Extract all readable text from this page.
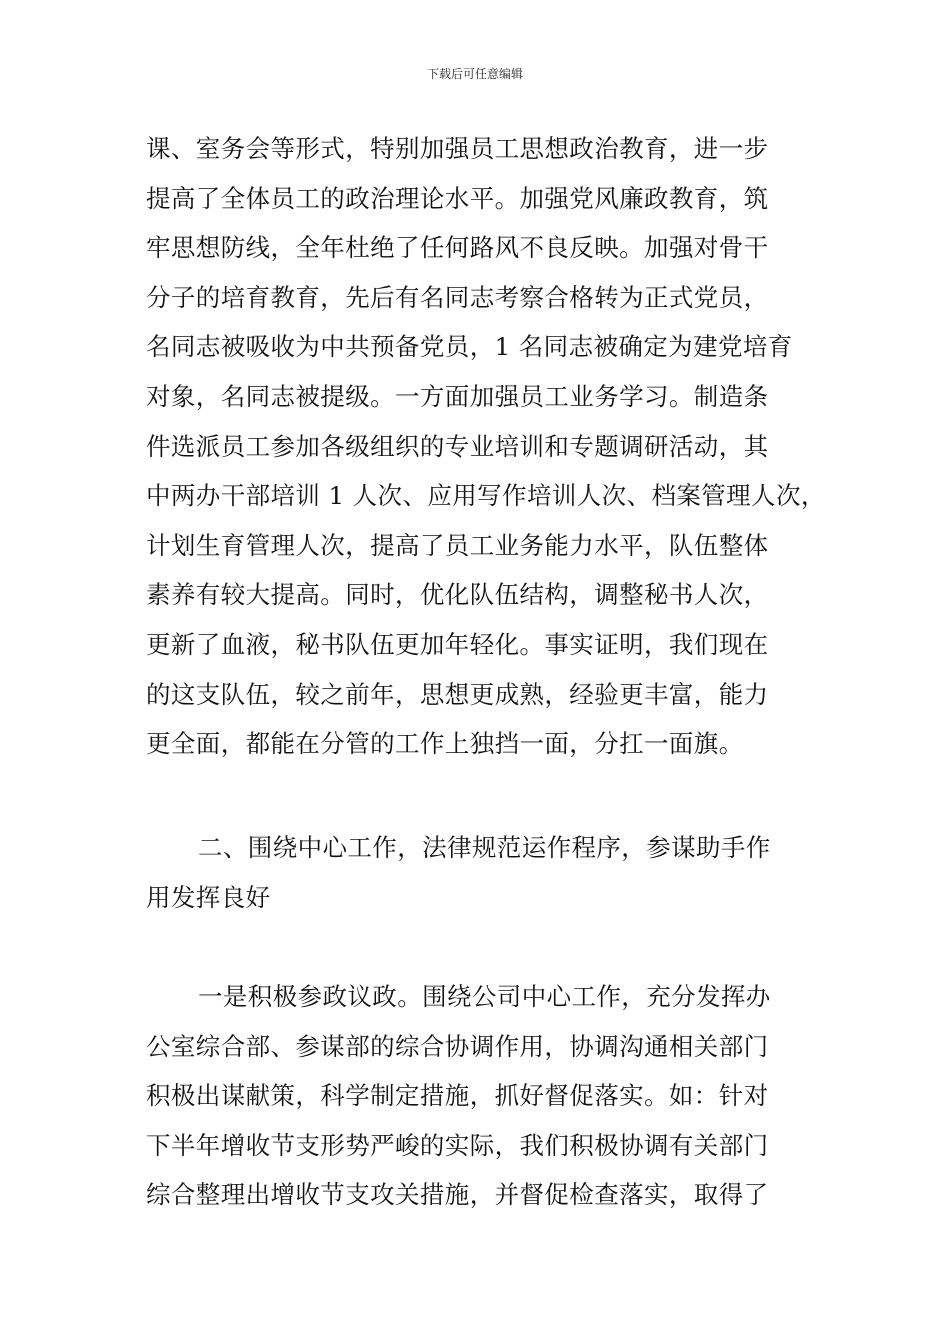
下载后可任意编辑
课、室务会等形式，特别加强员工思想政治教育，进一步
提高了全体员工的政治理论水平。加强党风廉政教育，筑
牢思想防线，全年杜绝了任何路风不良反映。加强对骨干
分子的培育教育，先后有名同志考察合格转为正式党员，
名同志被吸收为中共预备党员，1 名同志被确定为建党培育
对象，名同志被提级。一方面加强员工业务学习。制造条
件选派员工参加各级组织的专业培训和专题调研活动，其
中两办干部培训 1 人次、应用写作培训人次、档案管理人次，
计划生育管理人次，提高了员工业务能力水平，队伍整体
素养有较大提高。同时，优化队伍结构，调整秘书人次，
更新了血液，秘书队伍更加年轻化。事实证明，我们现在
的这支队伍，较之前年，思想更成熟，经验更丰富，能力
更全面，都能在分管的工作上独挡一面，分扛一面旗。
二、围绕中心工作，法律规范运作程序，参谋助手作
用发挥良好
一是积极参政议政。围绕公司中心工作，充分发挥办
公室综合部、参谋部的综合协调作用，协调沟通相关部门
积极出谋献策，科学制定措施，抓好督促落实。如：针对
下半年增收节支形势严峻的实际，我们积极协调有关部门
综合整理出增收节支攻关措施，并督促检查落实，取得了
